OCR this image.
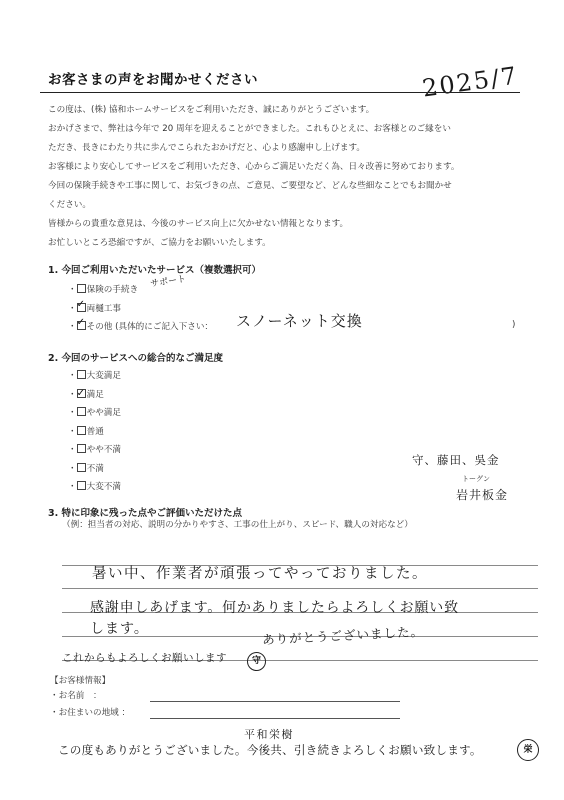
お客さまの声をお聞かせください	2025/7
この度は、(株) 協和ホームサービスをご利用いただき、誠にありがとうございます。
おかげさまで、弊社は今年で 20 周年を迎えることができました。これもひとえに、お客様とのご縁をい
ただき、長きにわたり共に歩んでこられたおかげだと、心より感謝申し上げます。
お客様により安心してサービスをご利用いただき、心からご満足いただく為、日々改善に努めております。
今回の保険手続きや工事に関して、お気づきの点、ご意見、ご要望など、どんな些細なことでもお聞かせ
ください。
皆様からの貴重な意見は、今後のサービス向上に欠かせない情報となります。
お忙しいところ恐縮ですが、ご協力をお願いいたします。
1. 今回ご利用いただいたサービス（複数選択可）
・ 保険の手続き
サポート
・ ✓ 両樋工事
・ ✓ その他 (具体的にご記入下さい： スノーネット交換	)
2. 今回のサービスへの総合的なご満足度
・ 大変満足
・ ✓ 満足
・ やや満足
・ 普通
・ やや不満
・ 不満
・ 大変不満
守、藤田、吳金
トーグン
岩井板金
3. 特に印象に残った点やご評価いただけた点
（例：担当者の対応、説明の分かりやすさ、工事の仕上がり、スピード、職人の対応など）
暑い中、作業者が頑張ってやっておりました。
感謝申しあげます。何かありましたらよろしくお願い致
します。	ありがとうございました。
これからもよろしくお願いします	守
【お客様情報】
・お名前　：
・お住まいの地域 ：
平和栄樹
この度もありがとうございました。今後共、引き続きよろしくお願い致します。	栄
